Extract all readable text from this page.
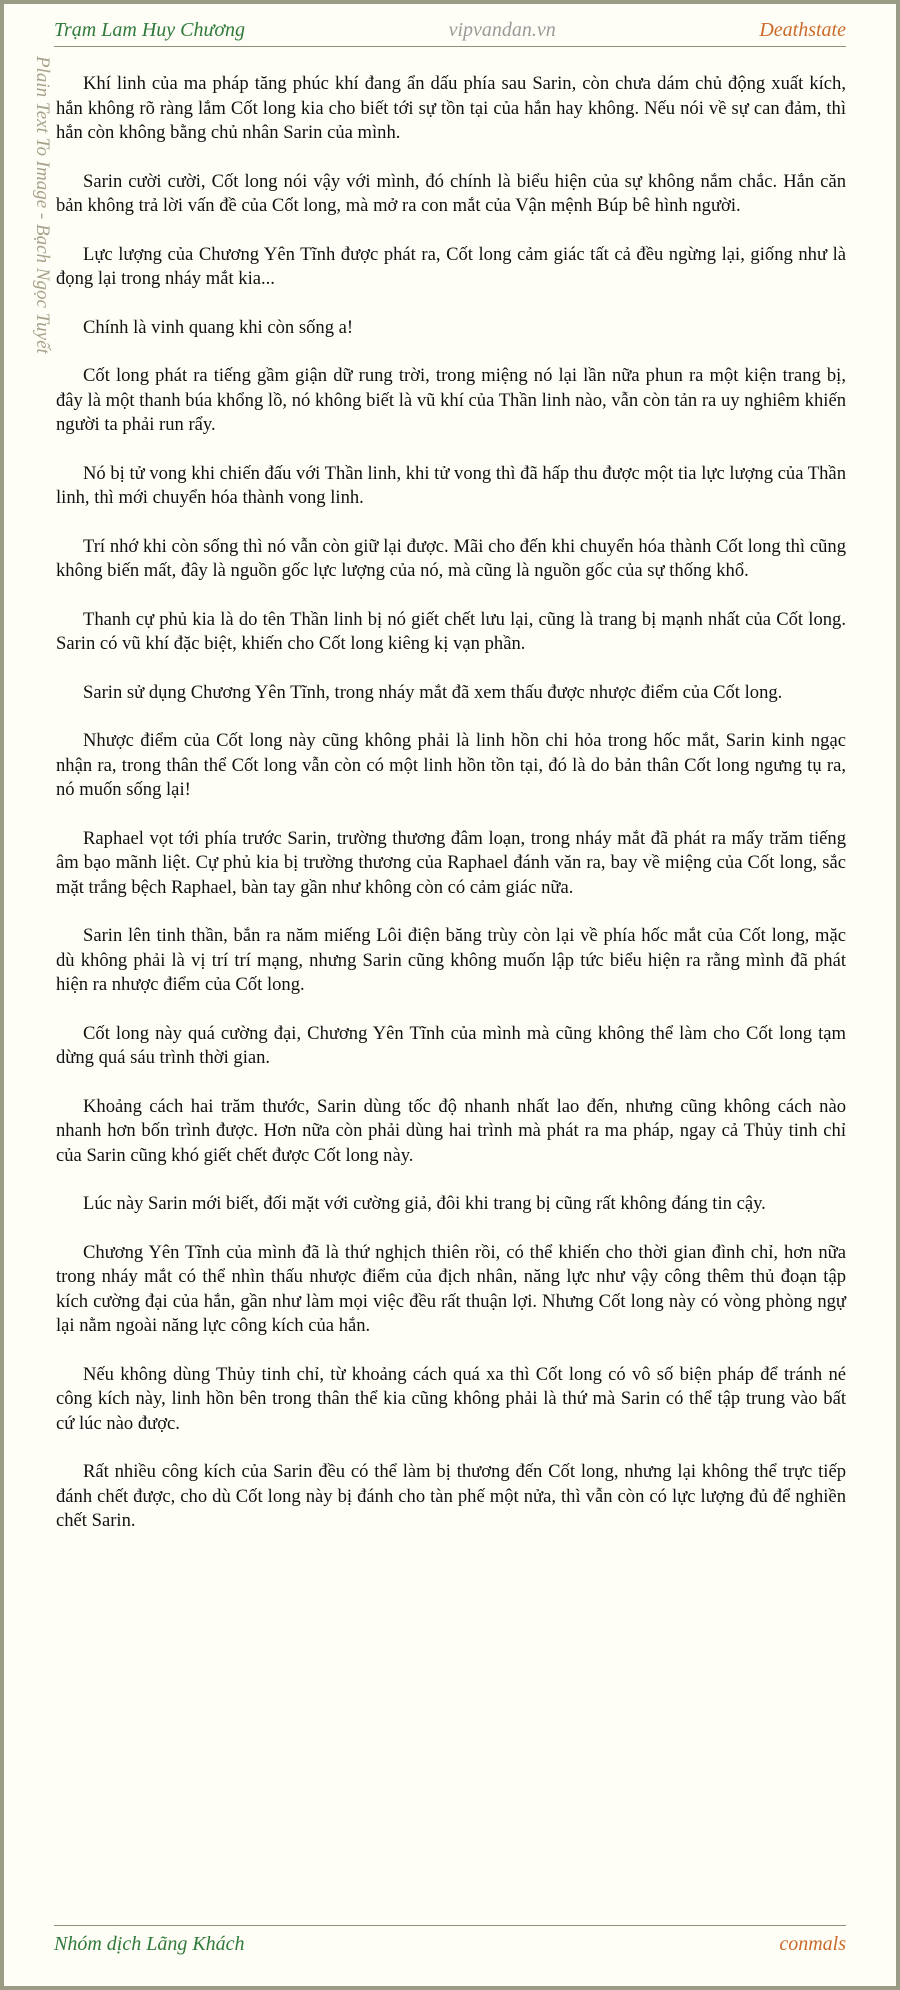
Trạm Lam Huy Chương	vipvandan.vn	Deathstate
Plain Text To Image - Bạch Ngọc Tuyết	Khí linh của ma pháp tăng phúc khí đang ẩn dấu phía sau Sarin, còn chưa dám chủ động xuất kích, hắn không rõ ràng lắm Cốt long kia cho biết tới sự tồn tại của hắn hay không. Nếu nói về sự can đảm, thì hắn còn không bằng chủ nhân Sarin của mình.

Sarin cười cười, Cốt long nói vậy với mình, đó chính là biểu hiện của sự không nắm chắc. Hắn căn bản không trả lời vấn đề của Cốt long, mà mở ra con mắt của Vận mệnh Búp bê hình người.

Lực lượng của Chương Yên Tĩnh được phát ra, Cốt long cảm giác tất cả đều ngừng lại, giống như là đọng lại trong nháy mắt kia...

Chính là vinh quang khi còn sống a!

Cốt long phát ra tiếng gầm giận dữ rung trời, trong miệng nó lại lần nữa phun ra một kiện trang bị, đây là một thanh búa khổng lồ, nó không biết là vũ khí của Thần linh nào, vẫn còn tản ra uy nghiêm khiến người ta phải run rẩy.

Nó bị tử vong khi chiến đấu với Thần linh, khi tử vong thì đã hấp thu được một tia lực lượng của Thần linh, thì mới chuyển hóa thành vong linh.

Trí nhớ khi còn sống thì nó vẫn còn giữ lại được. Mãi cho đến khi chuyển hóa thành Cốt long thì cũng không biến mất, đây là nguồn gốc lực lượng của nó, mà cũng là nguồn gốc của sự thống khổ.

Thanh cự phủ kia là do tên Thần linh bị nó giết chết lưu lại, cũng là trang bị mạnh nhất của Cốt long. Sarin có vũ khí đặc biệt, khiến cho Cốt long kiêng kị vạn phần.

Sarin sử dụng Chương Yên Tĩnh, trong nháy mắt đã xem thấu được nhược điểm của Cốt long.

Nhược điểm của Cốt long này cũng không phải là linh hồn chi hỏa trong hốc mắt, Sarin kinh ngạc nhận ra, trong thân thể Cốt long vẫn còn có một linh hồn tồn tại, đó là do bản thân Cốt long ngưng tụ ra, nó muốn sống lại!

Raphael vọt tới phía trước Sarin, trường thương đâm loạn, trong nháy mắt đã phát ra mấy trăm tiếng âm bạo mãnh liệt. Cự phủ kia bị trường thương của Raphael đánh văn ra, bay về miệng của Cốt long, sắc mặt trắng bệch Raphael, bàn tay gần như không còn có cảm giác nữa.

Sarin lên tinh thần, bắn ra năm miếng Lôi điện băng trùy còn lại về phía hốc mắt của Cốt long, mặc dù không phải là vị trí trí mạng, nhưng Sarin cũng không muốn lập tức biểu hiện ra rằng mình đã phát hiện ra nhược điểm của Cốt long.

Cốt long này quá cường đại, Chương Yên Tĩnh của mình mà cũng không thể làm cho Cốt long tạm dừng quá sáu trình thời gian.

Khoảng cách hai trăm thước, Sarin dùng tốc độ nhanh nhất lao đến, nhưng cũng không cách nào nhanh hơn bốn trình được. Hơn nữa còn phải dùng hai trình mà phát ra ma pháp, ngay cả Thủy tinh chỉ của Sarin cũng khó giết chết được Cốt long này.

Lúc này Sarin mới biết, đối mặt với cường giả, đôi khi trang bị cũng rất không đáng tin cậy.

Chương Yên Tĩnh của mình đã là thứ nghịch thiên rồi, có thể khiến cho thời gian đình chỉ, hơn nữa trong nháy mắt có thể nhìn thấu nhược điểm của địch nhân, năng lực như vậy công thêm thủ đoạn tập kích cường đại của hắn, gần như làm mọi việc đều rất thuận lợi. Nhưng Cốt long này có vòng phòng ngự lại nằm ngoài năng lực công kích của hắn.

Nếu không dùng Thủy tinh chỉ, từ khoảng cách quá xa thì Cốt long có vô số biện pháp để tránh né công kích này, linh hồn bên trong thân thể kia cũng không phải là thứ mà Sarin có thể tập trung vào bất cứ lúc nào được.

Rất nhiều công kích của Sarin đều có thể làm bị thương đến Cốt long, nhưng lại không thể trực tiếp đánh chết được, cho dù Cốt long này bị đánh cho tàn phế một nửa, thì vẫn còn có lực lượng đủ để nghiền chết Sarin.

Nhóm dịch Lãng Khách	conmals
